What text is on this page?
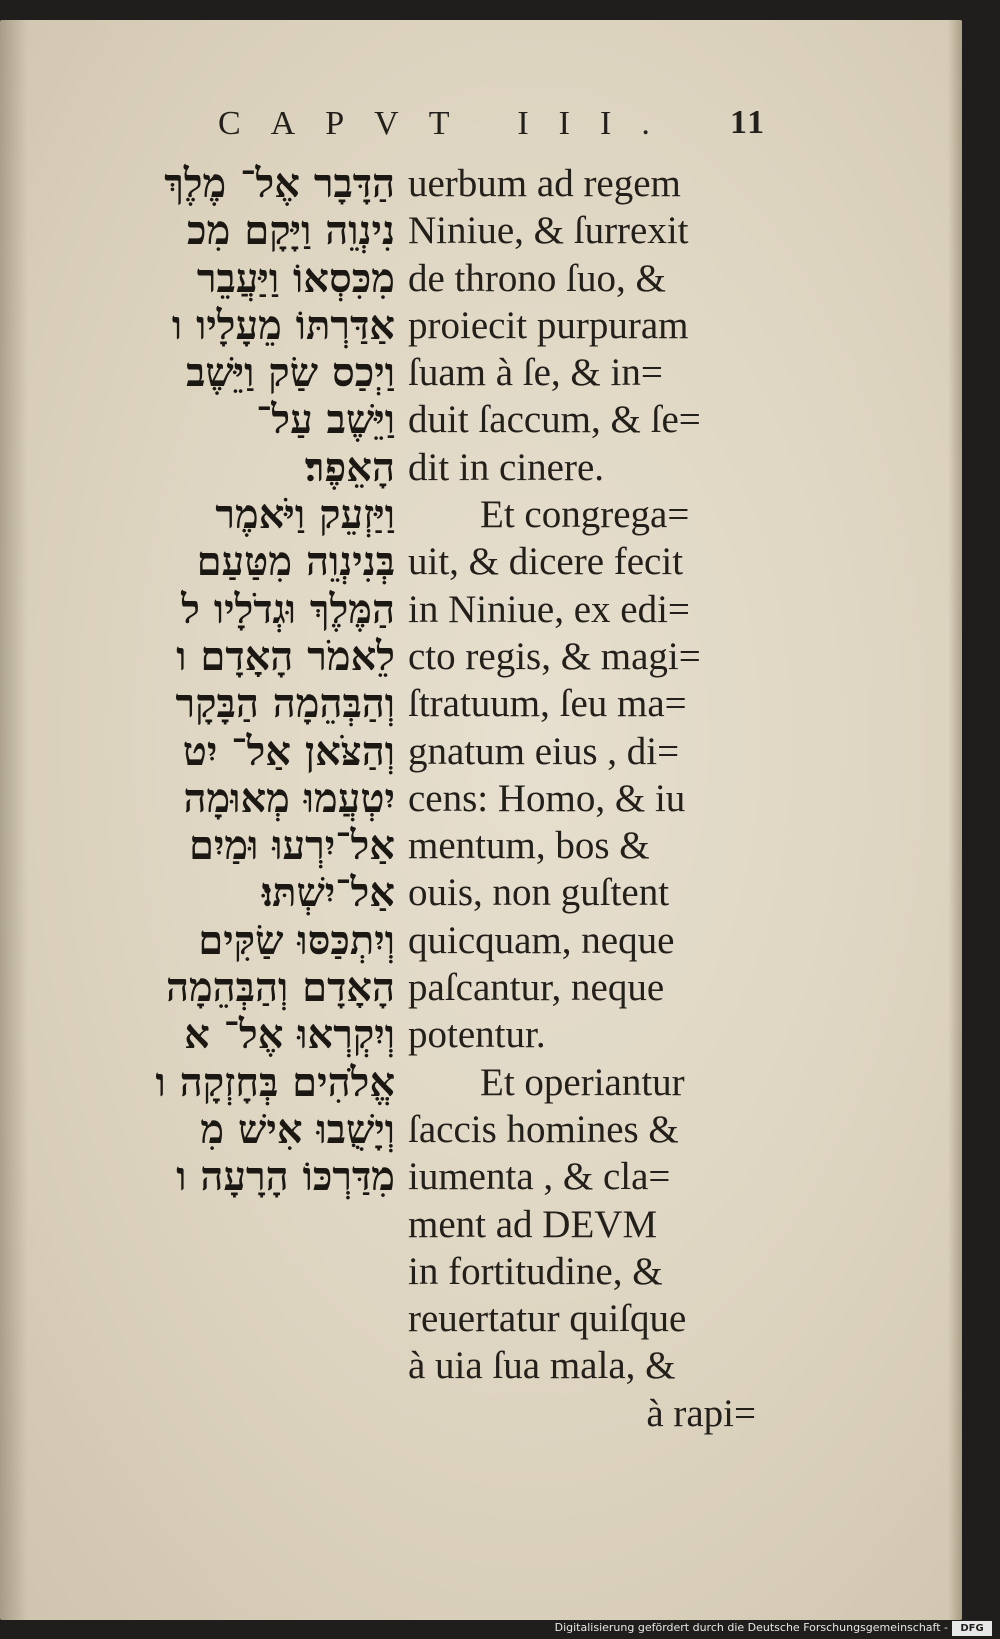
CAPVT III.	11
הַדָּבָר אֶל־ מֶלֶךְ
נִינְוֵה וַיָּקָם מִכ
מִכִּסְאוֹ וַיַּעֲבֵר
אַדַּרְתּוֹ מֵעָלָיו ו
וַיְכַס שַׂק וַיֵּשֶׁב
וַיֵּשֶׁב עַל־
הָאֵפֶר׃
וַיַּזְעֵק וַיֹּאמֶר
בְּנִינְוֵה מִטַּעַם
הַמֶּלֶךְ וּגְדֹלָיו ל
לֵאמֹר הָאָדָם ו
וְהַבְּהֵמָה הַבָּקָר
וְהַצֹּאן אַל־ יִט
יִטְעֲמוּ מְאוּמָה
אַל־יִרְעוּ וּמַיִם
אַל־יִשְׁתּוּ׃
וְיִתְכַּסּוּ שַׂקִּים
הָאָדָם וְהַבְּהֵמָה
וְיִקְרְאוּ אֶל־ א
אֱלֹהִים בְּחָזְקָה ו
וְיָשֻׁבוּ אִישׁ מִ
מִדַּרְכּוֹ הָרָעָה ו
uerbum ad regem
Niniue, & ſurrexit
de throno ſuo, &
proiecit purpuram
ſuam à ſe, & in=
duit ſaccum, & ſe=
dit in cinere.
Et congrega=
uit, & dicere fecit
in Niniue, ex edi=
cto regis, & magi=
ſtratuum, ſeu ma=
gnatum eius , di=
cens: Homo, & iu
mentum, bos &
ouis, non guſtent
quicquam, neque
paſcantur, neque
potentur.
Et operiantur
ſaccis homines &
iumenta , & cla=
ment ad DEVM
in fortitudine, &
reuertatur quiſque
à uia ſua mala, &
à rapi=
Digitalisierung gefördert durch die Deutsche Forschungsgemeinschaft -	DFG
